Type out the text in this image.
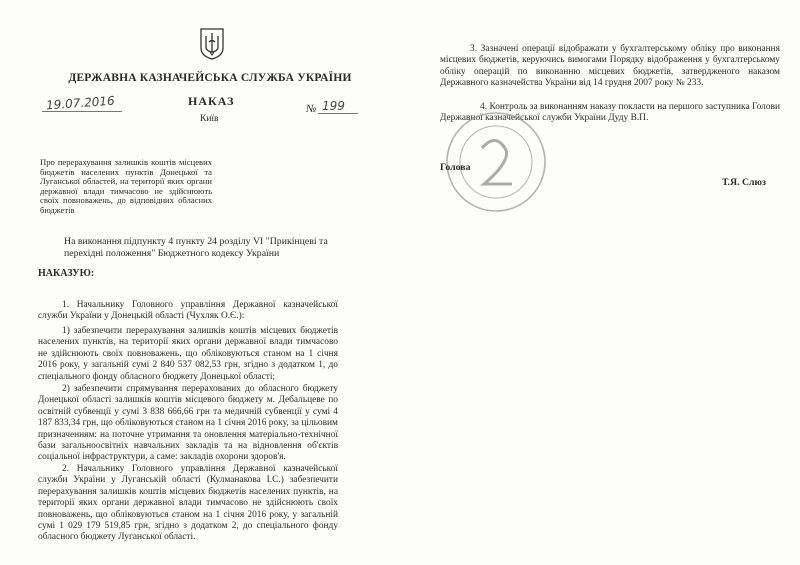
ДЕРЖАВНА КАЗНАЧЕЙСЬКА СЛУЖБА УКРАЇНИ
19.07.2016	НАКАЗ
Київ
№ 199
Про перерахування залишків коштів місцевих бюджетів населених пунктів Донецької та Луганської областей, на території яких органи державної влади тимчасово не здійснюють своїх повноважень, до відповідних обласних бюджетів
На виконання підпункту 4 пункту 24 розділу VI "Прикінцеві та перехідні положення" Бюджетного кодексу України
НАКАЗУЮ:
1. Начальнику Головного управління Державної казначейської служби України у Донецькій області (Чухляк О.Є.):
1) забезпечити перерахування залишків коштів місцевих бюджетів населених пунктів, на території яких органи державної влади тимчасово не здійснюють своїх повноважень, що обліковуються станом на 1 січня 2016 року, у загальній сумі 2 840 537 082,53 грн, згідно з додатком 1, до спеціального фонду обласного бюджету Донецької області;
2) забезпечити спрямування перерахованих до обласного бюджету Донецької області залишків коштів місцевого бюджету м. Дебальцеве по освітній субвенції у сумі 3 838 666,66 грн та медичній субвенції у сумі 4 187 833,34 грн, що обліковуються станом на 1 січня 2016 року, за цільовим призначенням: на поточне утримання та оновлення матеріально-технічної бази загальноосвітніх навчальних закладів та на відновлення об'єктів соціальної інфраструктури, а саме: закладів охорони здоров'я.
2. Начальнику Головного управління Державної казначейської служби України у Луганській області (Кулманакова І.С.) забезпечити перерахування залишків коштів місцевих бюджетів населених пунктів, на території яких органи державної влади тимчасово не здійснюють своїх повноважень, що обліковуються станом на 1 січня 2016 року, у загальній сумі 1 029 179 519,85 грн, згідно з додатком 2, до спеціального фонду обласного бюджету Луганської області.
3. Зазначені операції відображати у бухгалтерському обліку про виконання місцевих бюджетів, керуючись вимогами Порядку відображення у бухгалтерському обліку операцій по виконанню місцевих бюджетів, затвердженого наказом Державного казначейства України від 14 грудня 2007 року № 233.
4. Контроль за виконанням наказу покласти на першого заступника Голови Державної казначейської служби України Дуду В.П.
Голова
Т.Я. Слюз
